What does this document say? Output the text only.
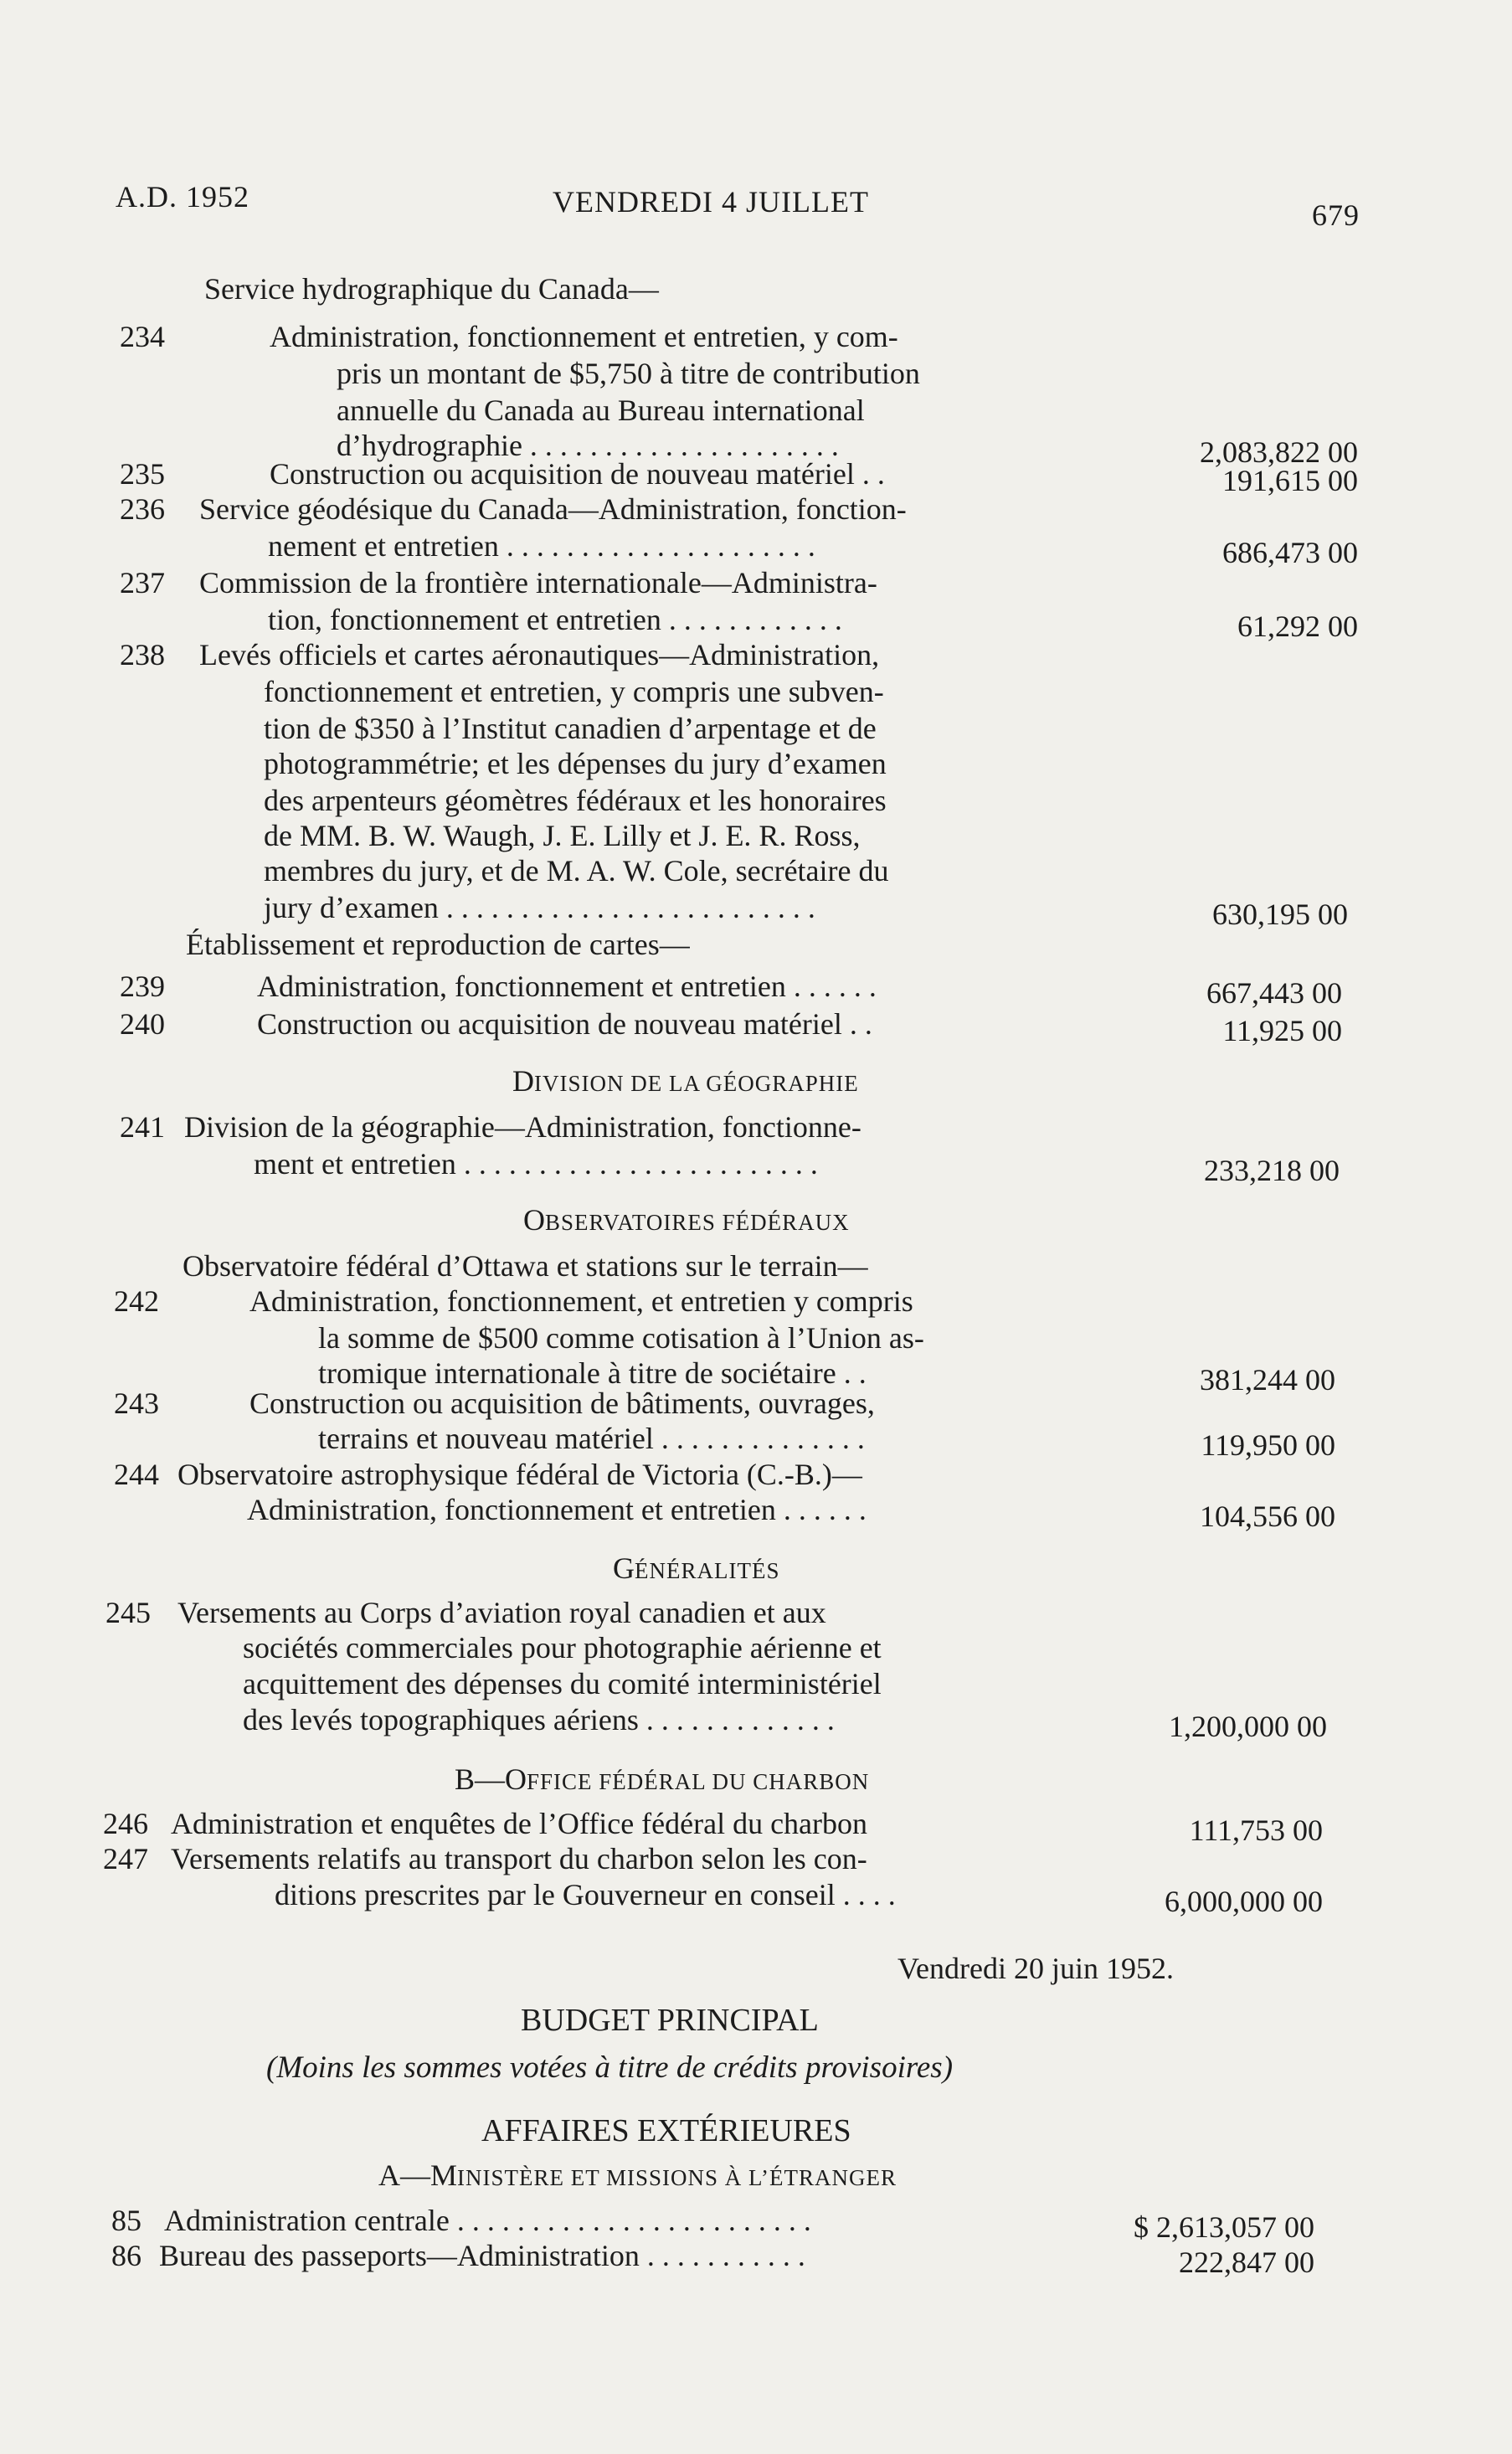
A.D. 1952	VENDREDI 4 JUILLET	679
Service hydrographique du Canada—
234	Administration, fonctionnement et entretien, y com-
pris un montant de $5,750 à titre de contribution
annuelle du Canada au Bureau international
d’hydrographie . . . . . . . . . . . . . . . . . . . . .	2,083,822 00
235	Construction ou acquisition de nouveau matériel . .	191,615 00
236 Service géodésique du Canada—Administration, fonction-
nement et entretien . . . . . . . . . . . . . . . . . . . . .	686,473 00
237 Commission de la frontière internationale—Administra-
tion, fonctionnement et entretien . . . . . . . . . . . .	61,292 00
238 Levés officiels et cartes aéronautiques—Administration,
fonctionnement et entretien, y compris une subven-
tion de $350 à l’Institut canadien d’arpentage et de
photogrammétrie; et les dépenses du jury d’examen
des arpenteurs géomètres fédéraux et les honoraires
de MM. B. W. Waugh, J. E. Lilly et J. E. R. Ross,
membres du jury, et de M. A. W. Cole, secrétaire du
jury d’examen . . . . . . . . . . . . . . . . . . . . . . . . .	630,195 00
Établissement et reproduction de cartes—
239	Administration, fonctionnement et entretien . . . . . .	667,443 00
240	Construction ou acquisition de nouveau matériel . .	11,925 00
241 Division de la géographie—Administration, fonctionne-
ment et entretien . . . . . . . . . . . . . . . . . . . . . . . .	233,218 00
Observatoire fédéral d’Ottawa et stations sur le terrain—
242	Administration, fonctionnement, et entretien y compris
la somme de $500 comme cotisation à l’Union as-
tromique internationale à titre de sociétaire . .	381,244 00
243	Construction ou acquisition de bâtiments, ouvrages,
terrains et nouveau matériel . . . . . . . . . . . . . .	119,950 00
244 Observatoire astrophysique fédéral de Victoria (C.-B.)—
Administration, fonctionnement et entretien . . . . . .	104,556 00
245 Versements au Corps d’aviation royal canadien et aux
sociétés commerciales pour photographie aérienne et
acquittement des dépenses du comité interministériel
des levés topographiques aériens . . . . . . . . . . . . .	1,200,000 00
246 Administration et enquêtes de l’Office fédéral du charbon	111,753 00
247 Versements relatifs au transport du charbon selon les con-
ditions prescrites par le Gouverneur en conseil . . . .	6,000,000 00
85 Administration centrale . . . . . . . . . . . . . . . . . . . . . . . .	$ 2,613,057 00
86 Bureau des passeports—Administration . . . . . . . . . . .	222,847 00
DIVISION DE LA GÉOGRAPHIE
OBSERVATOIRES FÉDÉRAUX
GÉNÉRALITÉS
B—OFFICE FÉDÉRAL DU CHARBON
Vendredi 20 juin 1952.
BUDGET PRINCIPAL
(Moins les sommes votées à titre de crédits provisoires)
AFFAIRES EXTÉRIEURES
A—MINISTÈRE ET MISSIONS À L’ÉTRANGER
